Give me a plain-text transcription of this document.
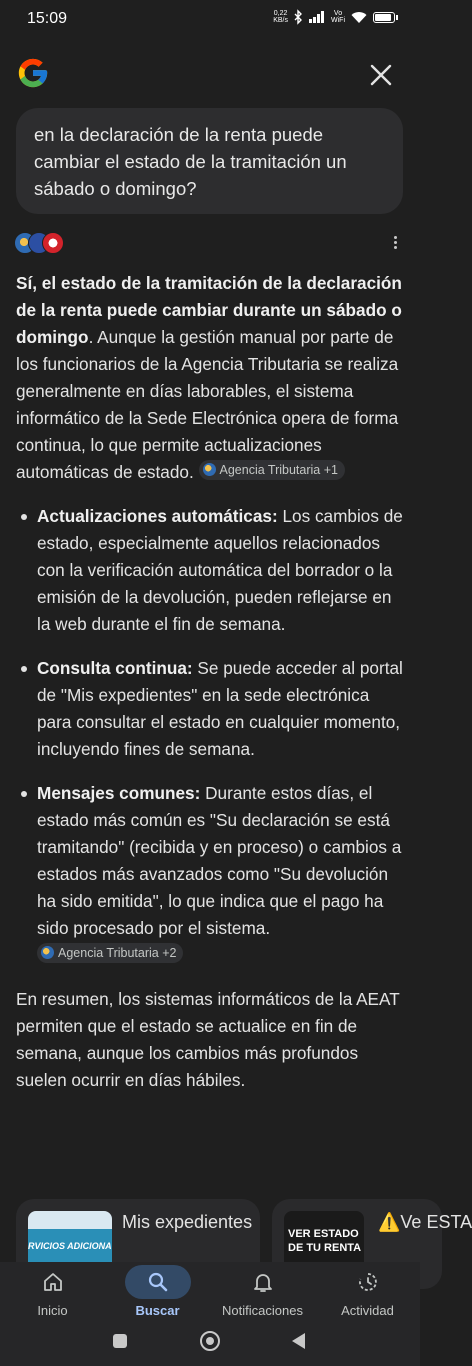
15:09	0,22
KB/s
Vo
WiFi
en la declaración de la renta puede cambiar el estado de la tramitación un sábado o domingo?

Sí, el estado de la tramitación de la declaración de la renta puede cambiar durante un sábado o domingo. Aunque la gestión manual por parte de los funcionarios de la Agencia Tributaria se realiza generalmente en días laborables, el sistema informático de la Sede Electrónica opera de forma continua, lo que permite actualizaciones automáticas de estado. Agencia Tributaria +1

Actualizaciones automáticas: Los cambios de estado, especialmente aquellos relacionados con la verificación automática del borrador o la emisión de la devolución, pueden reflejarse en la web durante el fin de semana.
Consulta continua: Se puede acceder al portal de "Mis expedientes" en la sede electrónica para consultar el estado en cualquier momento, incluyendo fines de semana.
Mensajes comunes: Durante estos días, el estado más común es "Su declaración se está tramitando" (recibida y en proceso) o cambios a estados más avanzados como "Su devolución ha sido emitida", lo que indica que el pago ha sido procesado por el sistema.
Agencia Tributaria +2

En resumen, los sistemas informáticos de la AEAT permiten que el estado se actualice en fin de semana, aunque los cambios más profundos suelen ocurrir en días hábiles.

RVICIOS ADICIONA
Mis expedientes
VER ESTADO
DE TU RENTA
⚠️Ve ESTA
Inicio	Buscar	Notificaciones	Actividad
